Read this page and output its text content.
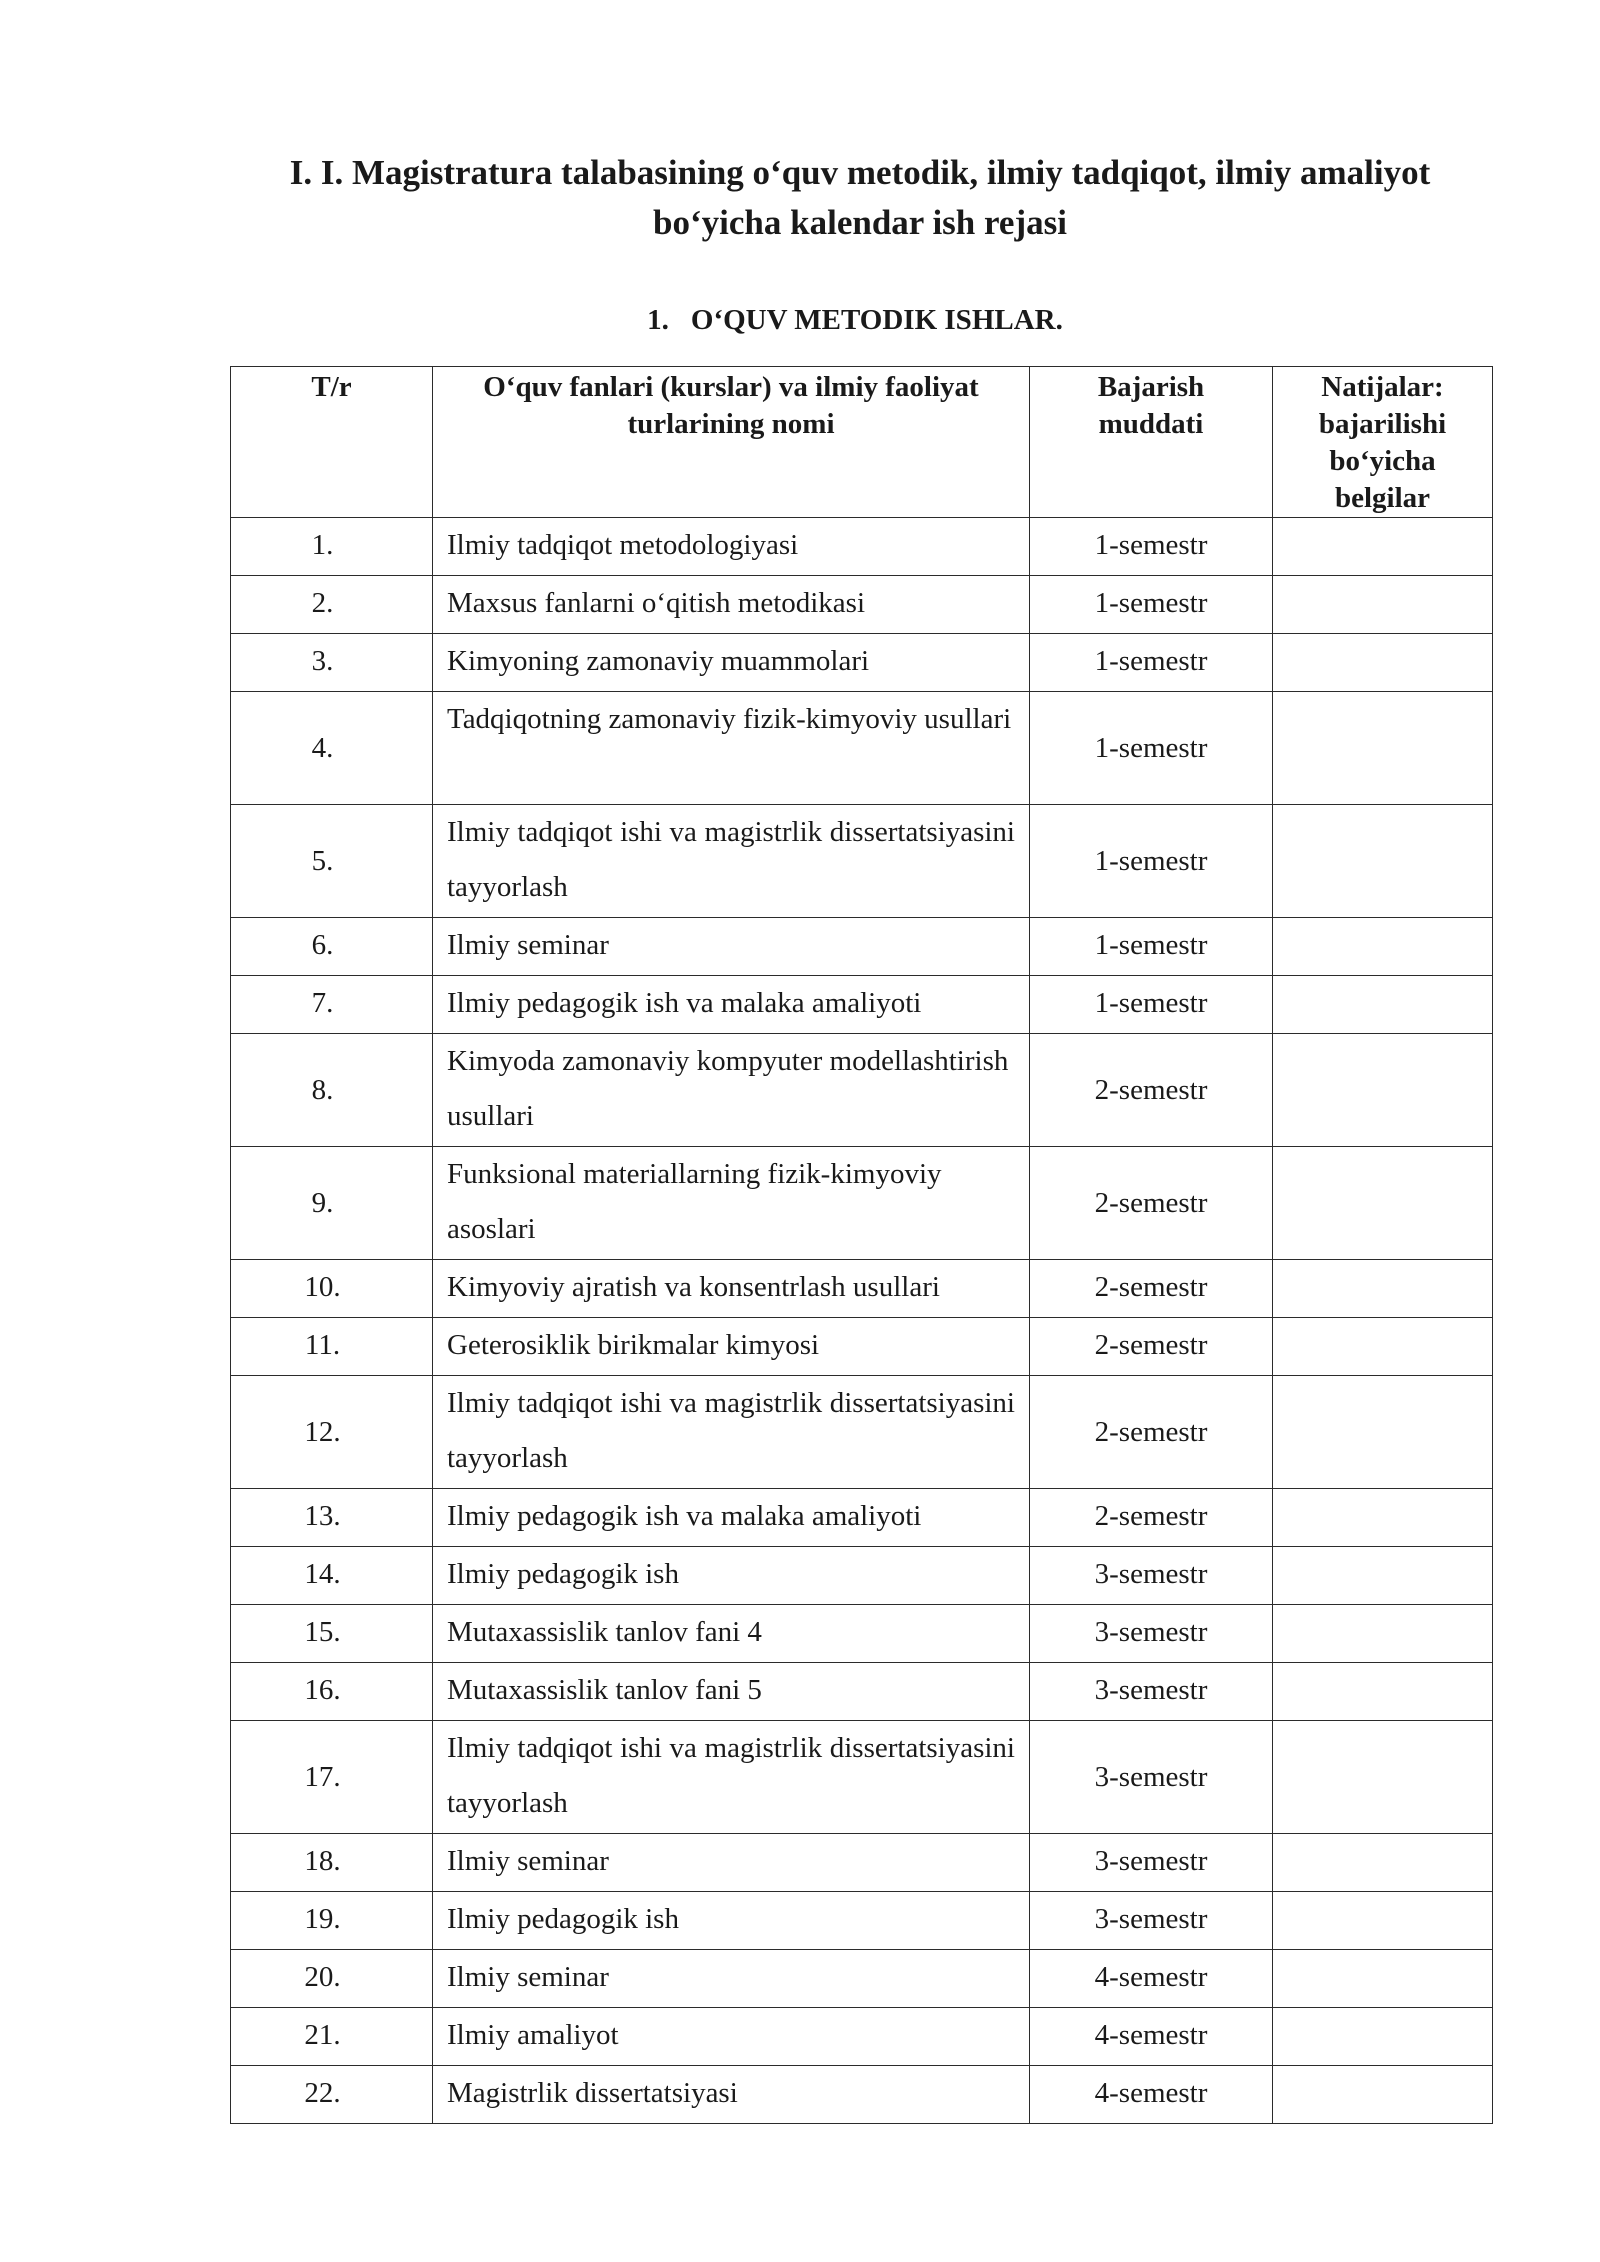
I. I. Magistratura talabasining o‘quv metodik, ilmiy tadqiqot, ilmiy amaliyot bo‘yicha kalendar ish rejasi
1. O‘QUV METODIK ISHLAR.
T/r	O‘quv fanlari (kurslar) va ilmiy faoliyat turlarining nomi	Bajarish muddati	Natijalar: bajarilishi bo‘yicha belgilar
1.	Ilmiy tadqiqot metodologiyasi	1-semestr	
2.	Maxsus fanlarni o‘qitish metodikasi	1-semestr	
3.	Kimyoning zamonaviy muammolari	1-semestr	
4.	Tadqiqotning zamonaviy fizik-kimyoviy usullari	1-semestr	
5.	Ilmiy tadqiqot ishi va magistrlik dissertatsiyasini tayyorlash	1-semestr	
6.	Ilmiy seminar	1-semestr	
7.	Ilmiy pedagogik ish va malaka amaliyoti	1-semestr	
8.	Kimyoda zamonaviy kompyuter modellashtirish usullari	2-semestr	
9.	Funksional materiallarning fizik-kimyoviy asoslari	2-semestr	
10.	Kimyoviy ajratish va konsentrlash usullari	2-semestr	
11.	Geterosiklik birikmalar kimyosi	2-semestr	
12.	Ilmiy tadqiqot ishi va magistrlik dissertatsiyasini tayyorlash	2-semestr	
13.	Ilmiy pedagogik ish va malaka amaliyoti	2-semestr	
14.	Ilmiy pedagogik ish	3-semestr	
15.	Mutaxassislik tanlov fani 4	3-semestr	
16.	Mutaxassislik tanlov fani 5	3-semestr	
17.	Ilmiy tadqiqot ishi va magistrlik dissertatsiyasini tayyorlash	3-semestr	
18.	Ilmiy seminar	3-semestr	
19.	Ilmiy pedagogik ish	3-semestr	
20.	Ilmiy seminar	4-semestr	
21.	Ilmiy amaliyot	4-semestr	
22.	Magistrlik dissertatsiyasi	4-semestr	
